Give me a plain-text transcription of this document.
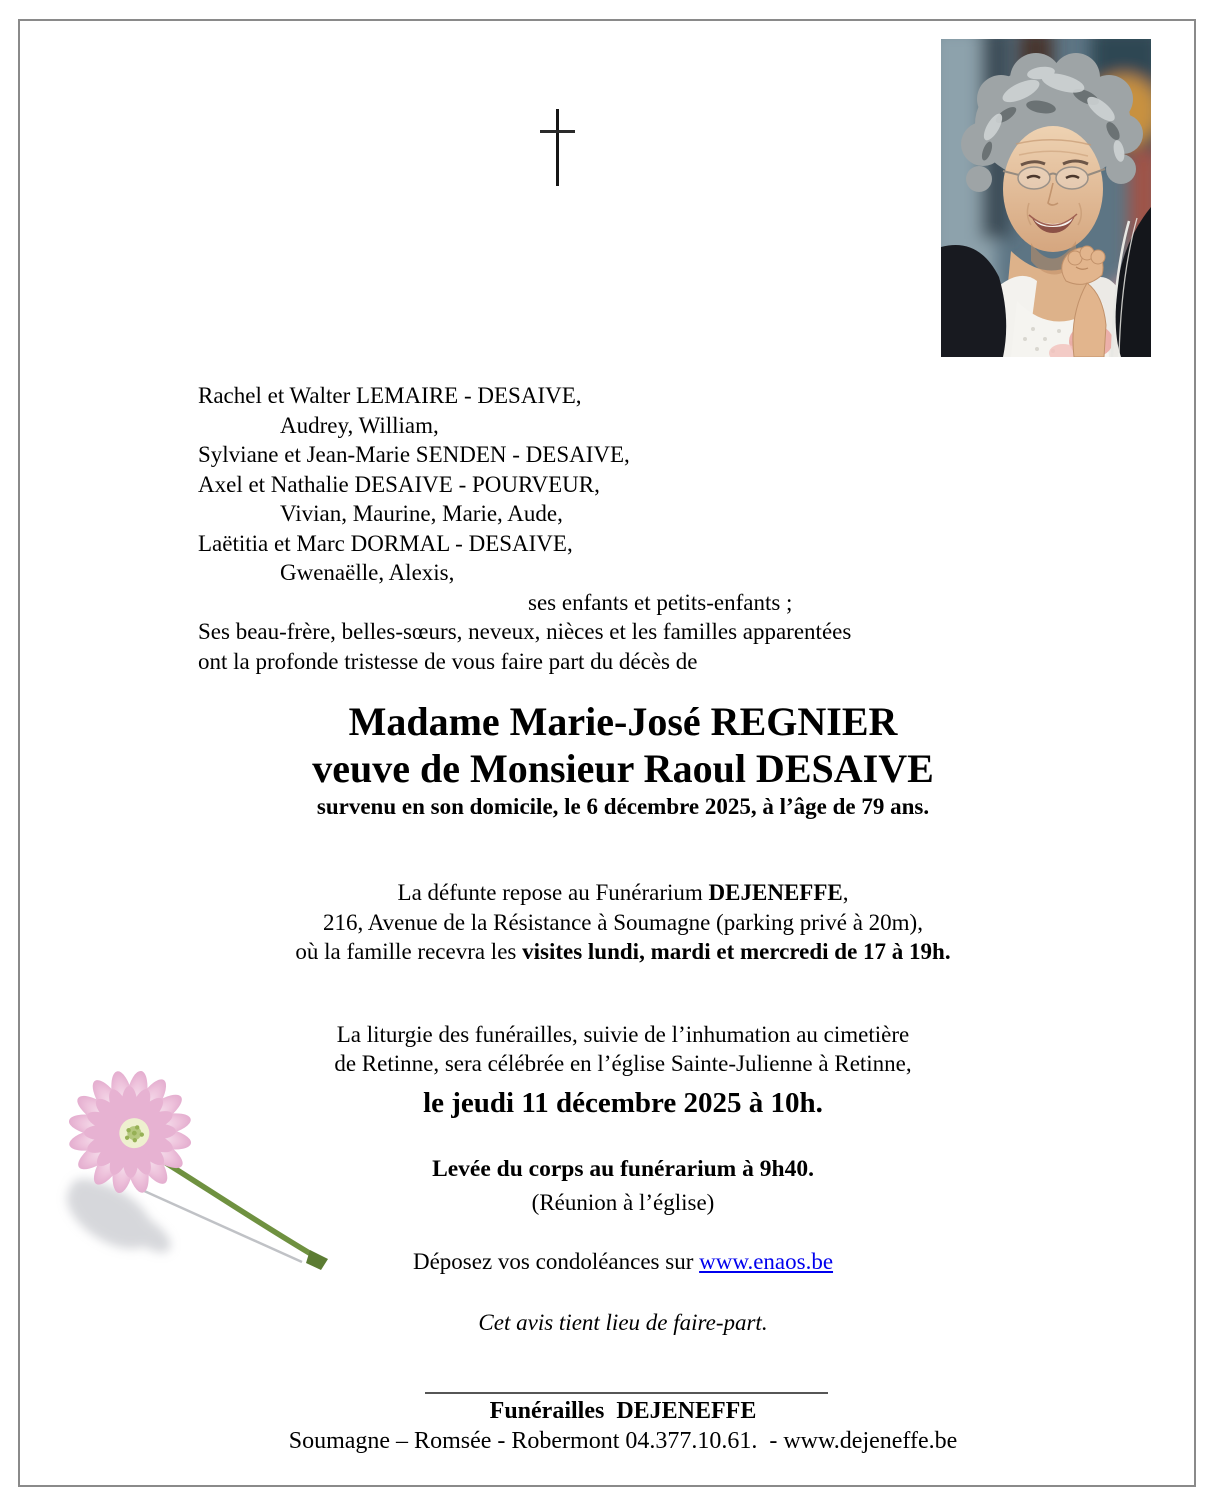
Rachel et Walter LEMAIRE - DESAIVE,
Audrey, William,
Sylviane et Jean-Marie SENDEN - DESAIVE,
Axel et Nathalie DESAIVE - POURVEUR,
Vivian, Maurine, Marie, Aude,
Laëtitia et Marc DORMAL - DESAIVE,
Gwenaëlle, Alexis,
ses enfants et petits-enfants ;
Ses beau-frère, belles-sœurs, neveux, nièces et les familles apparentées
ont la profonde tristesse de vous faire part du décès de
Madame Marie-José REGNIER
veuve de Monsieur Raoul DESAIVE
survenu en son domicile, le 6 décembre 2025, à l’âge de 79 ans.
La défunte repose au Funérarium DEJENEFFE,
216, Avenue de la Résistance à Soumagne (parking privé à 20m),
où la famille recevra les visites lundi, mardi et mercredi de 17 à 19h.
La liturgie des funérailles, suivie de l’inhumation au cimetière
de Retinne, sera célébrée en l’église Sainte-Julienne à Retinne,
le jeudi 11 décembre 2025 à 10h.
Levée du corps au funérarium à 9h40.
(Réunion à l’église)
Déposez vos condoléances sur www.enaos.be
Cet avis tient lieu de faire-part.
Funérailles  DEJENEFFE
Soumagne – Romsée - Robermont 04.377.10.61.  - www.dejeneffe.be
